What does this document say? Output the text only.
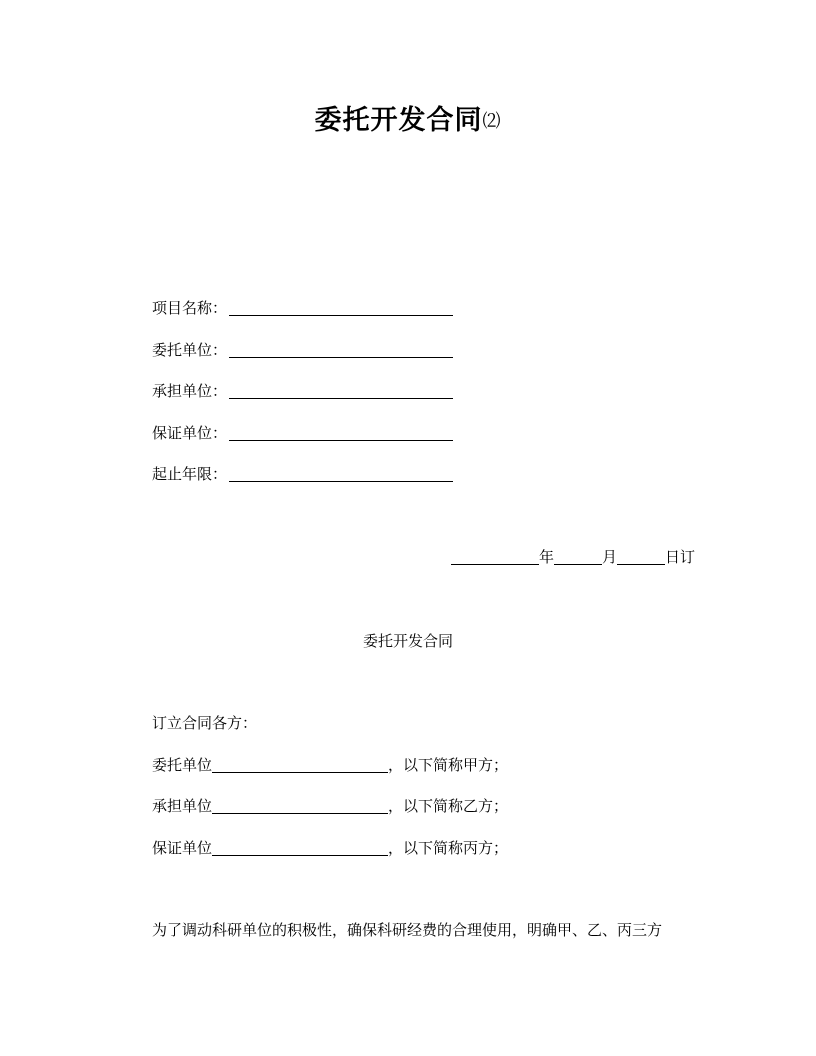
委托开发合同⑵
项目名称：
委托单位：
承担单位：
保证单位：
起止年限：
年	月	日订
委托开发合同
订立合同各方：
委托单位	，以下简称甲方；
承担单位	，以下简称乙方；
保证单位	，以下简称丙方；
为了调动科研单位的积极性，确保科研经费的合理使用，明确甲、乙、丙三方
